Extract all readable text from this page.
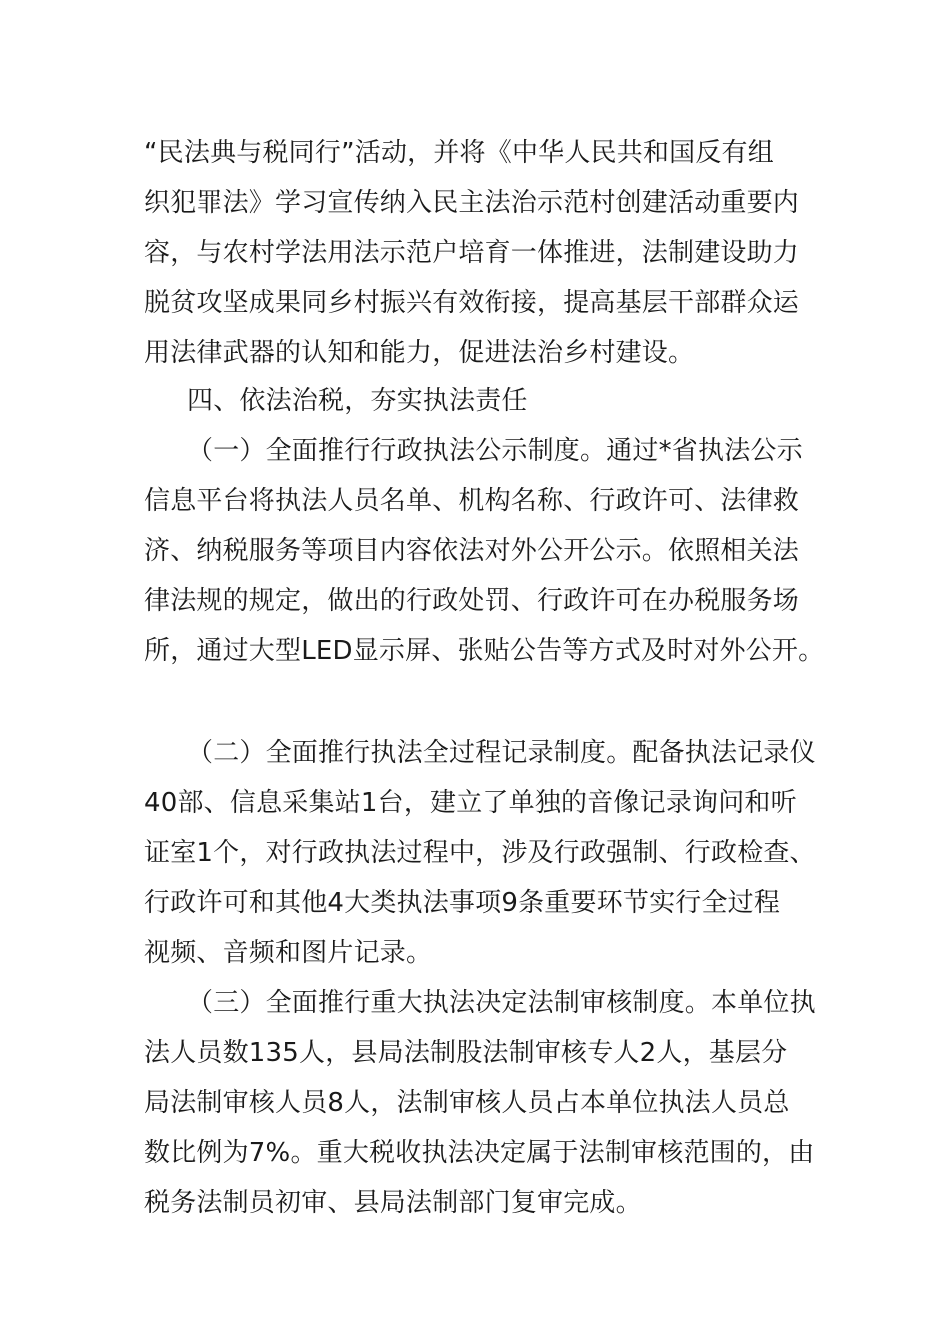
“民法典与税同行”活动，并将《中华人民共和国反有组

织犯罪法》学习宣传纳入民主法治示范村创建活动重要内

容，与农村学法用法示范户培育一体推进，法制建设助力

脱贫攻坚成果同乡村振兴有效衔接，提高基层干部群众运

用法律武器的认知和能力，促进法治乡村建设。

四、依法治税，夯实执法责任

（一）全面推行行政执法公示制度。通过*省执法公示

信息平台将执法人员名单、机构名称、行政许可、法律救

济、纳税服务等项目内容依法对外公开公示。依照相关法

律法规的规定，做出的行政处罚、行政许可在办税服务场

所，通过大型LED显示屏、张贴公告等方式及时对外公开。

（二）全面推行执法全过程记录制度。配备执法记录仪

40部、信息采集站1台，建立了单独的音像记录询问和听

证室1个，对行政执法过程中，涉及行政强制、行政检查、

行政许可和其他4大类执法事项9条重要环节实行全过程

视频、音频和图片记录。

（三）全面推行重大执法决定法制审核制度。本单位执

法人员数135人，县局法制股法制审核专人2人，基层分

局法制审核人员8人，法制审核人员占本单位执法人员总

数比例为7%。重大税收执法决定属于法制审核范围的，由

税务法制员初审、县局法制部门复审完成。
